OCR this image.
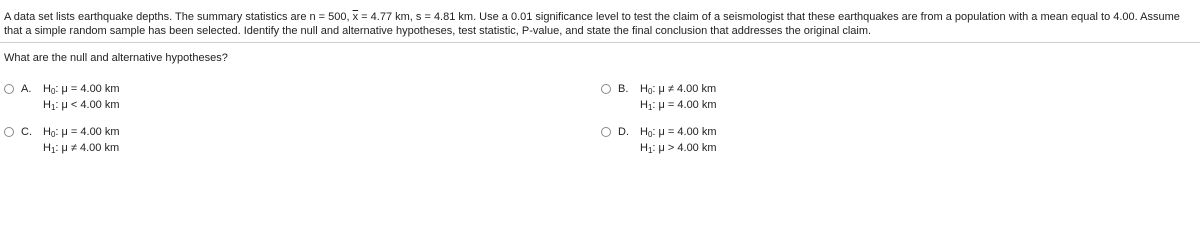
A data set lists earthquake depths. The summary statistics are n = 500, $\overline{x} = 4.77$ km, s = 4.81 km. Use a 0.01 significance level to test the claim of a seismologist that these earthquakes are from a population with a mean equal to 4.00. Assume that a simple random sample has been selected. Identify the null and alternative hypotheses, test statistic, P-value, and state the final conclusion that addresses the original claim.
What are the null and alternative hypotheses?
A. $H_0$: μ = 4.00 km
$H_1$: μ < 4.00 km
B. $H_0$: μ ≠ 4.00 km
$H_1$: μ = 4.00 km
C. $H_0$: μ = 4.00 km
$H_1$: μ ≠ 4.00 km
D. $H_0$: μ = 4.00 km
$H_1$: μ > 4.00 km
